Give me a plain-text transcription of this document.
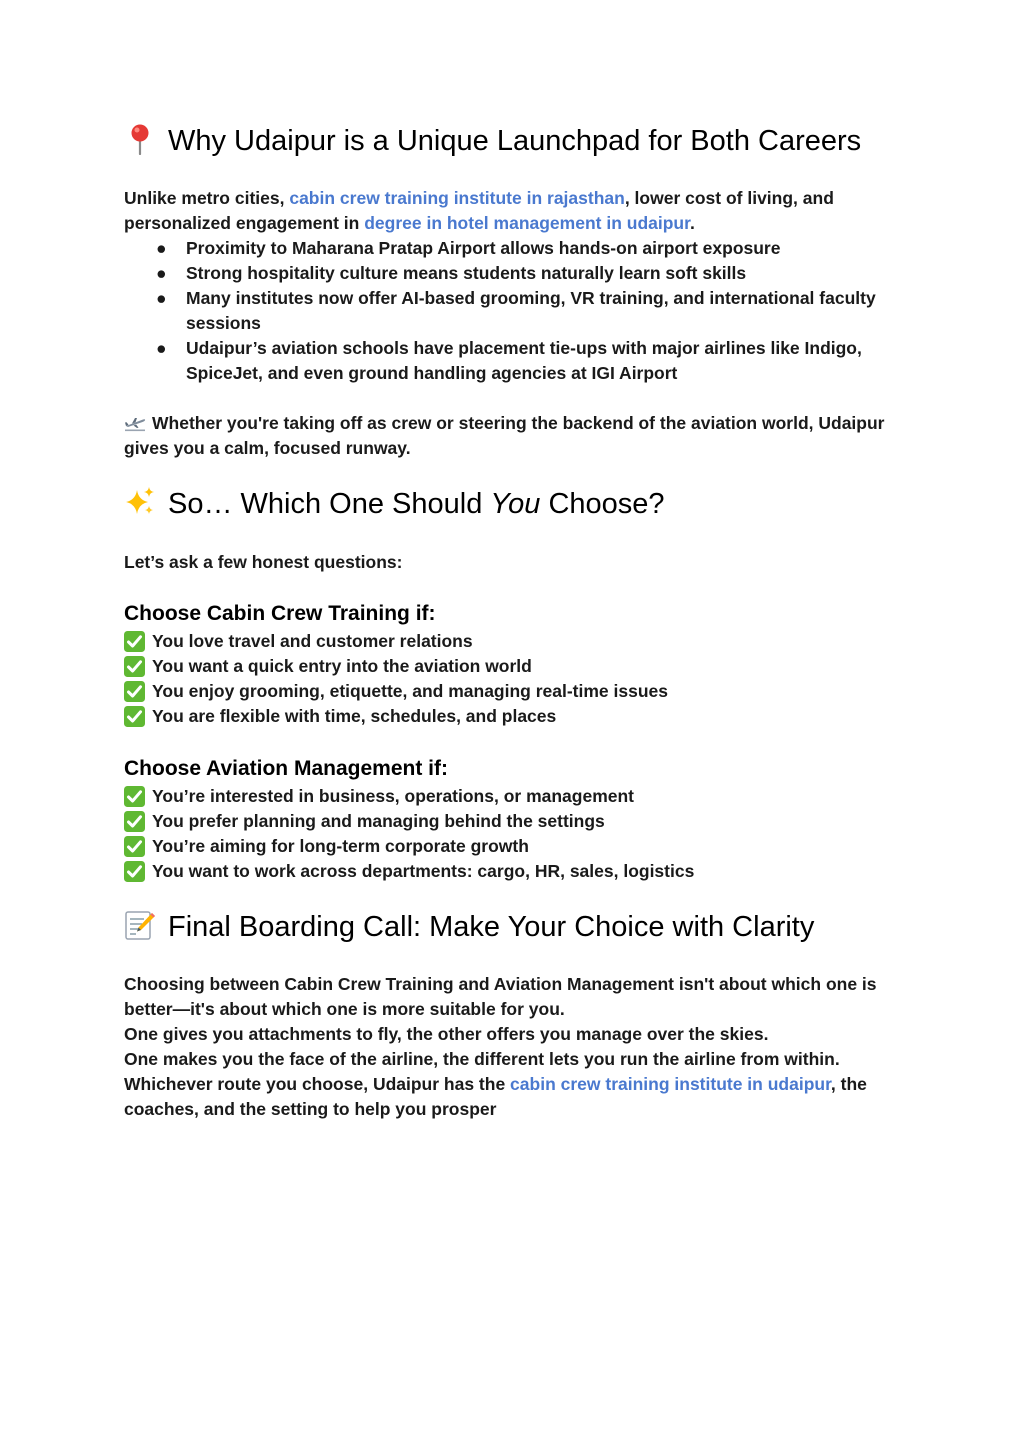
Why Udaipur is a Unique Launchpad for Both Careers

Unlike metro cities, cabin crew training institute in rajasthan, lower cost of living, and personalized engagement in degree in hotel management in udaipur.

● Proximity to Maharana Pratap Airport allows hands-on airport exposure
● Strong hospitality culture means students naturally learn soft skills
● Many institutes now offer AI-based grooming, VR training, and international faculty sessions
● Udaipur’s aviation schools have placement tie-ups with major airlines like Indigo, SpiceJet, and even ground handling agencies at IGI Airport

Whether you're taking off as crew or steering the backend of the aviation world, Udaipur gives you a calm, focused runway.

So… Which One Should You Choose?

Let’s ask a few honest questions:

Choose Cabin Crew Training if:
You love travel and customer relations
You want a quick entry into the aviation world
You enjoy grooming, etiquette, and managing real-time issues
You are flexible with time, schedules, and places
Choose Aviation Management if:
You’re interested in business, operations, or management
You prefer planning and managing behind the settings
You’re aiming for long-term corporate growth
You want to work across departments: cargo, HR, sales, logistics
Final Boarding Call: Make Your Choice with Clarity

Choosing between Cabin Crew Training and Aviation Management isn't about which one is better—it's about which one is more suitable for you.

One gives you attachments to fly, the other offers you manage over the skies.

One makes you the face of the airline, the different lets you run the airline from within.

Whichever route you choose, Udaipur has the cabin crew training institute in udaipur, the coaches, and the setting to help you prosper
